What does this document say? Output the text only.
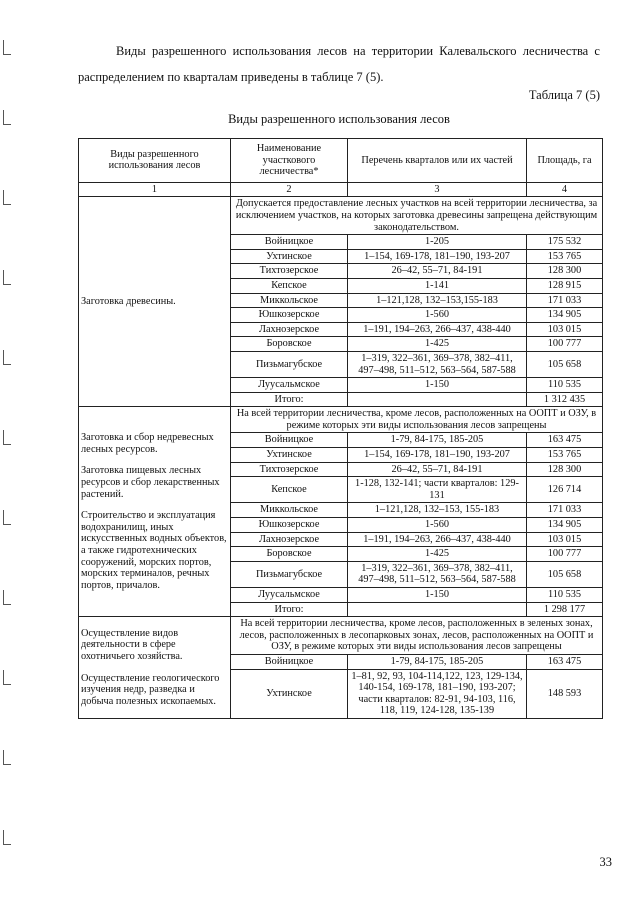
Виды разрешенного использования лесов на территории Калевальского лесничества с распределением по кварталам приведены в таблице 7 (5).
Таблица 7 (5)
Виды разрешенного использования лесов
Виды разрешенного использования лесов	Наименование участкового лесничества*	Перечень кварталов или их частей	Площадь, га
1	2	3	4

Заготовка древесины.	Допускается предоставление лесных участков на всей территории лесничества, за исключением участков, на которых заготовка древесины запрещена действующим законодательством.		
	Войницкое	1-205	175 532
	Ухтинское	1–154, 169-178, 181–190, 193-207	153 765
	Тихтозерское	26–42, 55–71, 84-191	128 300
	Кепское	1-141	128 915
	Миккольское	1–121,128, 132–153,155-183	171 033
	Юшкозерское	1-560	134 905
	Лахнозерское	1–191, 194–263, 266–437, 438-440	103 015
	Боровское	1-425	100 777
	Пизьмагубское	1–319, 322–361, 369–378, 382–411, 497–498, 511–512, 563–564, 587-588	105 658
	Луусальмское	1-150	110 535
	Итого:		1 312 435

Заготовка и сбор недревесных лесных ресурсов.

Заготовка пищевых лесных ресурсов и сбор лекарственных растений.

Строительство и эксплуатация водохранилищ, иных искусственных водных объектов, а также гидротехнических сооружений, морских портов, морских терминалов, речных портов, причалов.	На всей территории лесничества, кроме лесов, расположенных на ООПТ и ОЗУ, в режиме которых эти виды использования лесов запрещены		
	Войницкое	1-79, 84-175, 185-205	163 475
	Ухтинское	1–154, 169-178, 181–190, 193-207	153 765
	Тихтозерское	26–42, 55–71, 84-191	128 300
	Кепское	1-128, 132-141; части кварталов: 129-131	126 714
	Миккольское	1–121,128, 132–153, 155-183	171 033
	Юшкозерское	1-560	134 905
	Лахнозерское	1–191, 194–263, 266–437, 438-440	103 015
	Боровское	1-425	100 777
	Пизьмагубское	1–319, 322–361, 369–378, 382–411, 497–498, 511–512, 563–564, 587-588	105 658
	Луусальмское	1-150	110 535
	Итого:		1 298 177

Осуществление видов деятельности в сфере охотничьего хозяйства.

Осуществление геологического изучения недр, разведка и добыча полезных ископаемых.	На всей территории лесничества, кроме лесов, расположенных в зеленых зонах, лесов, расположенных в лесопарковых зонах, лесов, расположенных на ООПТ и ОЗУ, в режиме которых эти виды использования лесов запрещены		
	Войницкое	1-79, 84-175, 185-205	163 475
	Ухтинское	1–81, 92, 93, 104-114,122, 123, 129-134, 140-154, 169-178, 181–190, 193-207; части кварталов: 82-91, 94-103, 116, 118, 119, 124-128, 135-139	148 593
33
